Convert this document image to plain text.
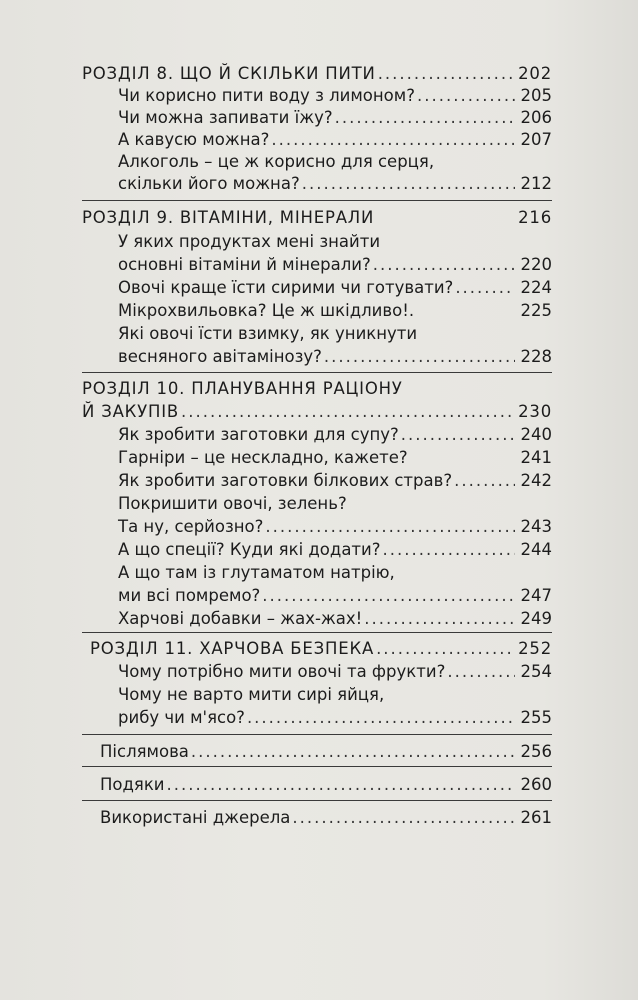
РОЗДІЛ 8. ЩО Й СКІЛЬКИ ПИТИ .....	202
Чи корисно пити воду з лимоном? .....	205
Чи можна запивати їжу? .....	206
А кавусю можна? .....	207
Алкоголь – це ж корисно для серця,
скільки його можна? .....	212
РОЗДІЛ 9. ВІТАМІНИ, МІНЕРАЛИ	216
У яких продуктах мені знайти
основні вітаміни й мінерали? .....	220
Овочі краще їсти сирими чи готувати? .....	224
Мікрохвильовка? Це ж шкідливо!.	225
Які овочі їсти взимку, як уникнути
весняного авітамінозу? .....	228
РОЗДІЛ 10. ПЛАНУВАННЯ РАЦІОНУ
Й ЗАКУПІВ .....	230
Як зробити заготовки для супу? .....	240
Гарніри – це нескладно, кажете?	241
Як зробити заготовки білкових страв? .....	242
Покришити овочі, зелень?
Та ну, серйозно? .....	243
А що спеції? Куди які додати? .....	244
А що там із глутаматом натрію,
ми всі помремо? .....	247
Харчові добавки – жах-жах! .....	249
РОЗДІЛ 11. ХАРЧОВА БЕЗПЕКА .....	252
Чому потрібно мити овочі та фрукти? .....	254
Чому не варто мити сирі яйця,
рибу чи м'ясо? .....	255
Післямова .....	256
Подяки .....	260
Використані джерела .....	261
